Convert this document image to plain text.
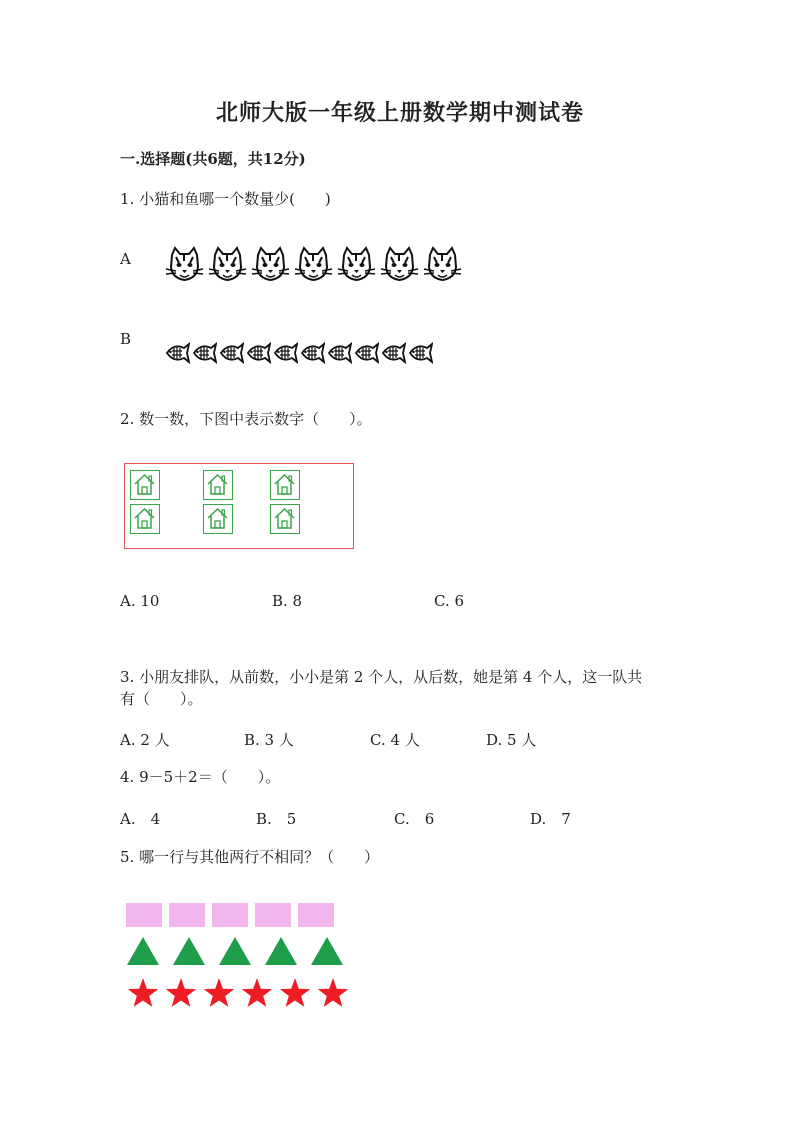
北师大版一年级上册数学期中测试卷
一.选择题(共6题，共12分)
1. 小猫和鱼哪一个数量少(　　)
A
B
2. 数一数，下图中表示数字（　　）。
A. 10	B. 8	C. 6
3. 小朋友排队，从前数，小小是第 2 个人，从后数，她是第 4 个人，这一队共
有（　　）。
A. 2 人	B. 3 人	C. 4 人	D. 5 人
4. 9－5＋2＝（　　）。
A.　4	B.　5	C.　6	D.　7
5. 哪一行与其他两行不相同？（　　）
